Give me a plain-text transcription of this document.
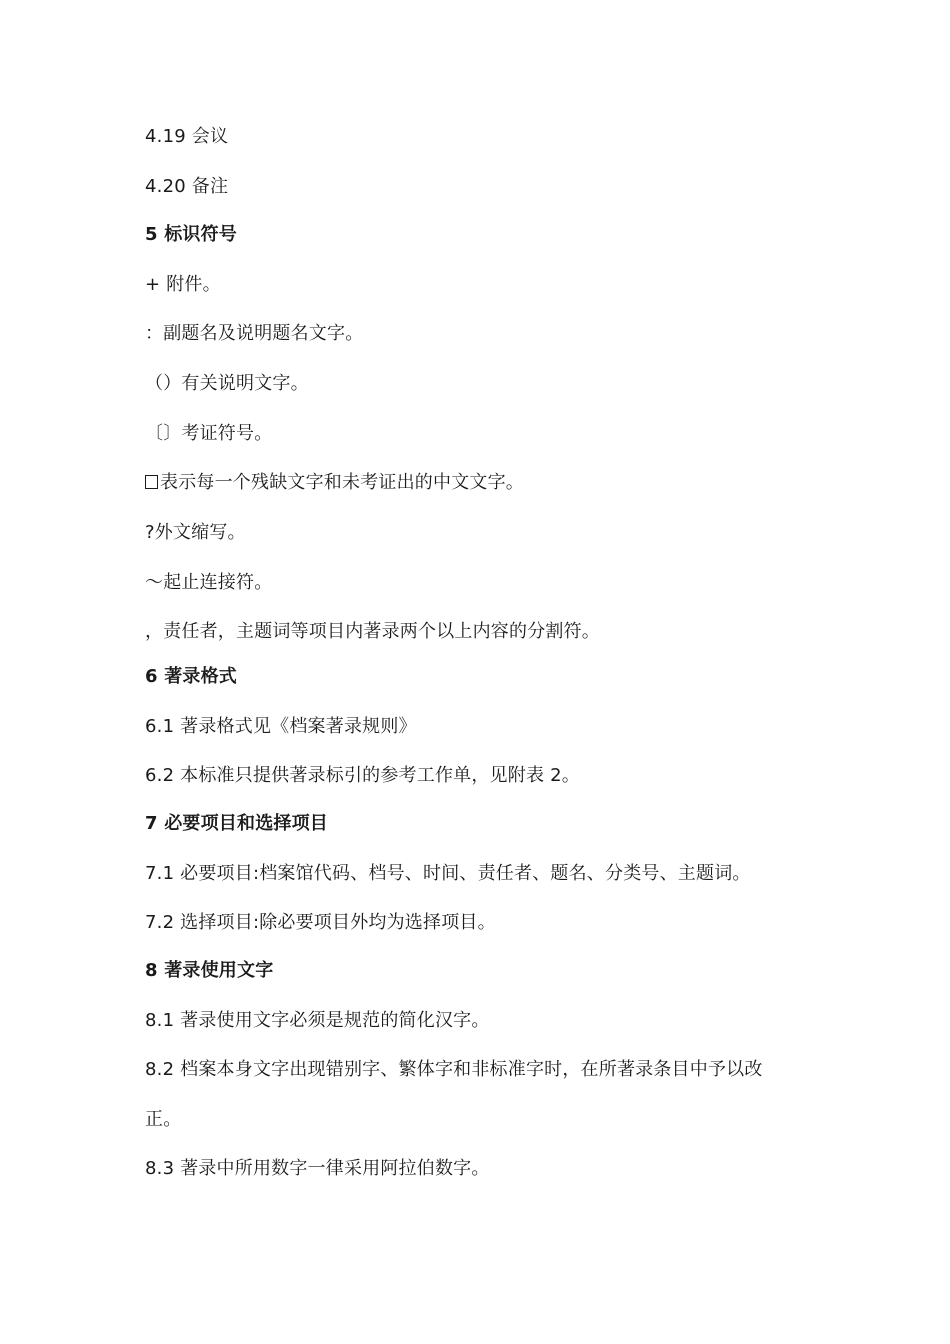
4.19 会议
4.20 备注
5 标识符号
+ 附件。
：副题名及说明题名文字。
（）有关说明文字。
〔〕考证符号。
表示每一个残缺文字和未考证出的中文文字。
?外文缩写。
～起止连接符。
，责任者，主题词等项目内著录两个以上内容的分割符。
6 著录格式
6.1 著录格式见《档案著录规则》
6.2 本标准只提供著录标引的参考工作单，见附表 2。
7 必要项目和选择项目
7.1 必要项目:档案馆代码、档号、时间、责任者、题名、分类号、主题词。
7.2 选择项目:除必要项目外均为选择项目。
8 著录使用文字
8.1 著录使用文字必须是规范的简化汉字。
8.2 档案本身文字出现错别字、繁体字和非标准字时，在所著录条目中予以改
正。
8.3 著录中所用数字一律采用阿拉伯数字。
